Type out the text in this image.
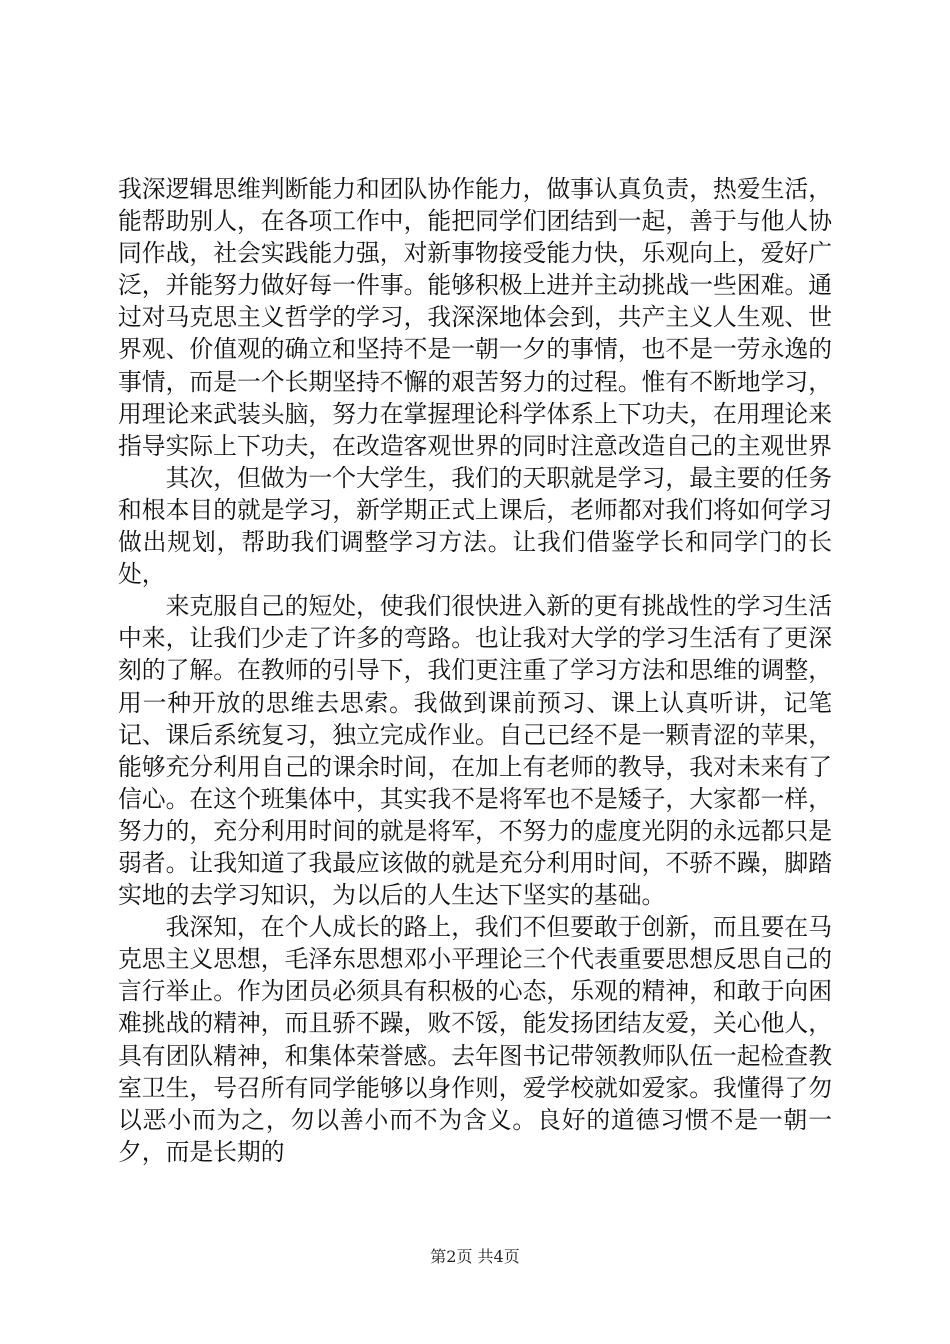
我深逻辑思维判断能力和团队协作能力，做事认真负责，热爱生活，能帮助别人，在各项工作中，能把同学们团结到一起，善于与他人协同作战，社会实践能力强，对新事物接受能力快，乐观向上，爱好广泛，并能努力做好每一件事。能够积极上进并主动挑战一些困难。通过对马克思主义哲学的学习，我深深地体会到，共产主义人生观、世界观、价值观的确立和坚持不是一朝一夕的事情，也不是一劳永逸的事情，而是一个长期坚持不懈的艰苦努力的过程。惟有不断地学习，用理论来武装头脑，努力在掌握理论科学体系上下功夫，在用理论来指导实际上下功夫，在改造客观世界的同时注意改造自己的主观世界

其次，但做为一个大学生，我们的天职就是学习，最主要的任务和根本目的就是学习，新学期正式上课后，老师都对我们将如何学习做出规划，帮助我们调整学习方法。让我们借鉴学长和同学门的长处，

来克服自己的短处，使我们很快进入新的更有挑战性的学习生活中来，让我们少走了许多的弯路。也让我对大学的学习生活有了更深刻的了解。在教师的引导下，我们更注重了学习方法和思维的调整，用一种开放的思维去思索。我做到课前预习、课上认真听讲，记笔记、课后系统复习，独立完成作业。自己已经不是一颗青涩的苹果，能够充分利用自己的课余时间，在加上有老师的教导，我对未来有了信心。在这个班集体中，其实我不是将军也不是矮子，大家都一样，努力的，充分利用时间的就是将军，不努力的虚度光阴的永远都只是弱者。让我知道了我最应该做的就是充分利用时间，不骄不躁，脚踏实地的去学习知识，为以后的人生达下坚实的基础。

我深知，在个人成长的路上，我们不但要敢于创新，而且要在马克思主义思想，毛泽东思想邓小平理论三个代表重要思想反思自己的言行举止。作为团员必须具有积极的心态，乐观的精神，和敢于向困难挑战的精神，而且骄不躁，败不馁，能发扬团结友爱，关心他人，具有团队精神，和集体荣誉感。去年图书记带领教师队伍一起检查教室卫生，号召所有同学能够以身作则，爱学校就如爱家。我懂得了勿以恶小而为之，勿以善小而不为含义。良好的道德习惯不是一朝一夕，而是长期的

第2页 共4页
